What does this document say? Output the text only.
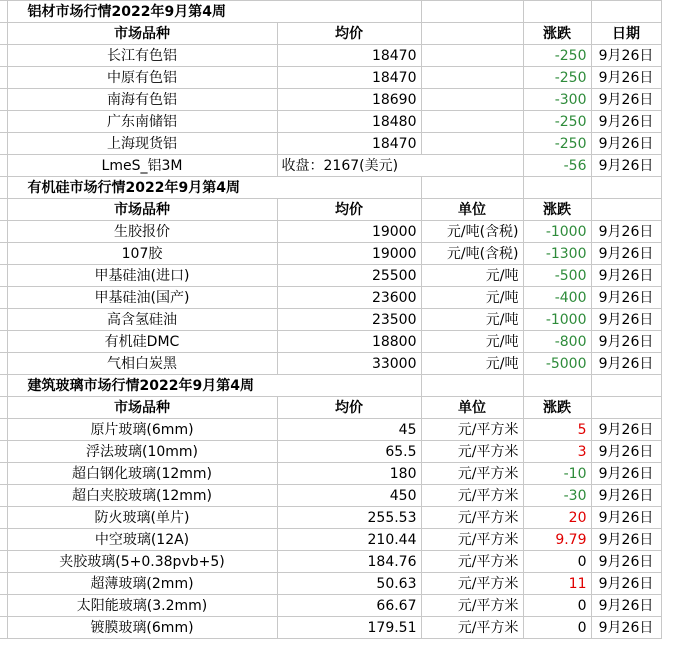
	铝材市场行情2022年9月第4周				
	市场品种	均价		涨跌	日期
	长江有色铝	18470		-250	9月26日
	中原有色铝	18470		-250	9月26日
	南海有色铝	18690		-300	9月26日
	广东南储铝	18480		-250	9月26日
	上海现货铝	18470		-250	9月26日
	LmeS_铝3M	收盘：2167(美元)		-56	9月26日
	有机硅市场行情2022年9月第4周				
	市场品种	均价	单位	涨跌	
	生胶报价	19000	元/吨(含税)	-1000	9月26日
	107胶	19000	元/吨(含税)	-1300	9月26日
	甲基硅油(进口)	25500	元/吨	-500	9月26日
	甲基硅油(国产)	23600	元/吨	-400	9月26日
	高含氢硅油	23500	元/吨	-1000	9月26日
	有机硅DMC	18800	元/吨	-800	9月26日
	气相白炭黑	33000	元/吨	-5000	9月26日
	建筑玻璃市场行情2022年9月第4周				
	市场品种	均价	单位	涨跌	
	原片玻璃(6mm)	45	元/平方米	5	9月26日
	浮法玻璃(10mm)	65.5	元/平方米	3	9月26日
	超白钢化玻璃(12mm)	180	元/平方米	-10	9月26日
	超白夹胶玻璃(12mm)	450	元/平方米	-30	9月26日
	防火玻璃(单片)	255.53	元/平方米	20	9月26日
	中空玻璃(12A)	210.44	元/平方米	9.79	9月26日
	夹胶玻璃(5+0.38pvb+5)	184.76	元/平方米	0	9月26日
	超薄玻璃(2mm)	50.63	元/平方米	11	9月26日
	太阳能玻璃(3.2mm)	66.67	元/平方米	0	9月26日
	镀膜玻璃(6mm)	179.51	元/平方米	0	9月26日
